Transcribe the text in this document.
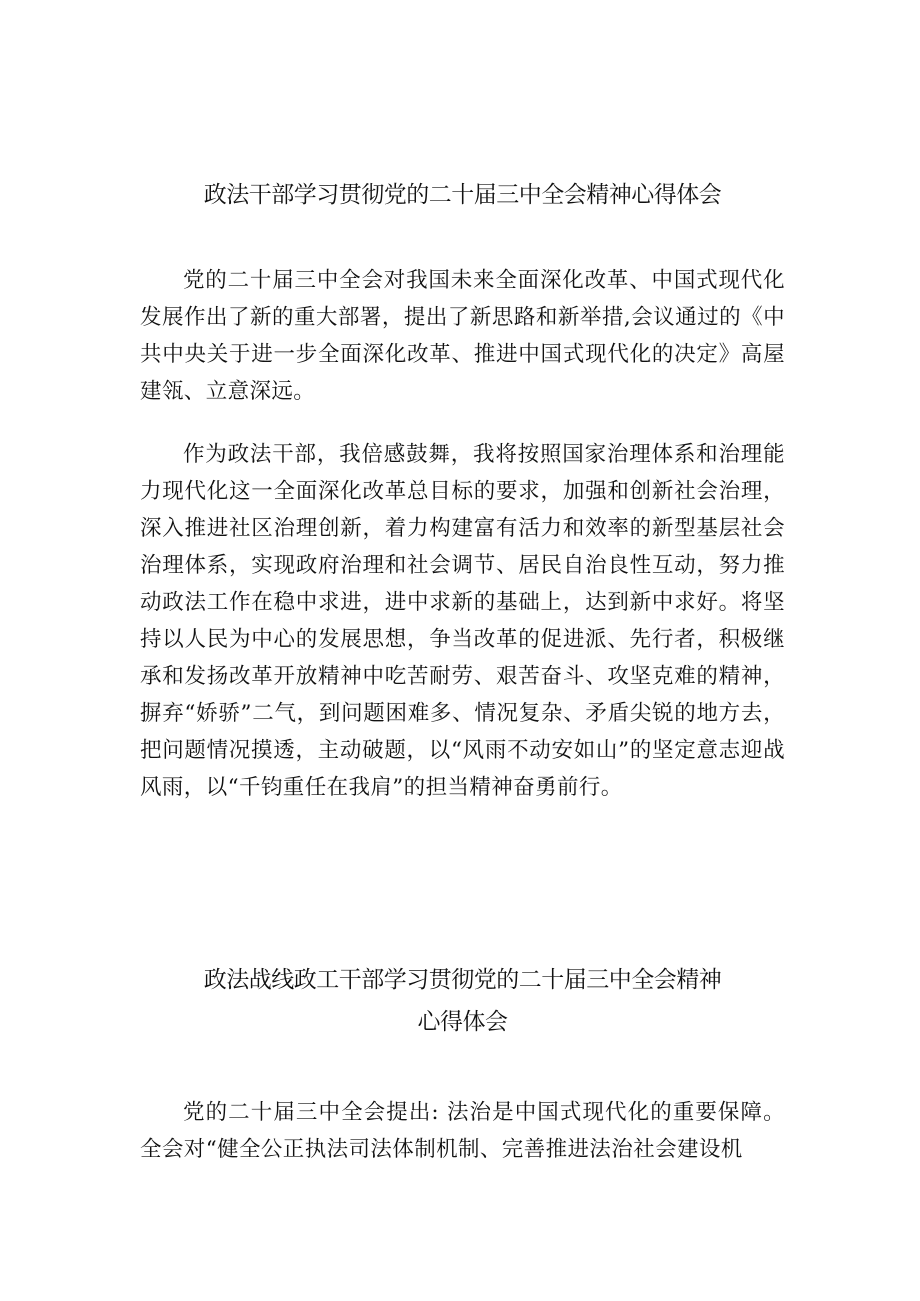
政法干部学习贯彻党的二十届三中全会精神心得体会

党的二十届三中全会对我国未来全面深化改革、中国式现代化发展作出了新的重大部署，提出了新思路和新举措,会议通过的《中共中央关于进一步全面深化改革、推进中国式现代化的决定》高屋建瓴、立意深远。

作为政法干部，我倍感鼓舞，我将按照国家治理体系和治理能力现代化这一全面深化改革总目标的要求，加强和创新社会治理，深入推进社区治理创新，着力构建富有活力和效率的新型基层社会治理体系，实现政府治理和社会调节、居民自治良性互动，努力推动政法工作在稳中求进，进中求新的基础上，达到新中求好。将坚持以人民为中心的发展思想，争当改革的促进派、先行者，积极继承和发扬改革开放精神中吃苦耐劳、艰苦奋斗、攻坚克难的精神，摒弃“娇骄”二气，到问题困难多、情况复杂、矛盾尖锐的地方去，把问题情况摸透，主动破题，以“风雨不动安如山”的坚定意志迎战风雨，以“千钧重任在我肩”的担当精神奋勇前行。

政法战线政工干部学习贯彻党的二十届三中全会精神
心得体会

党的二十届三中全会提出: 法治是中国式现代化的重要保障。全会对“健全公正执法司法体制机制、完善推进法治社会建设机
